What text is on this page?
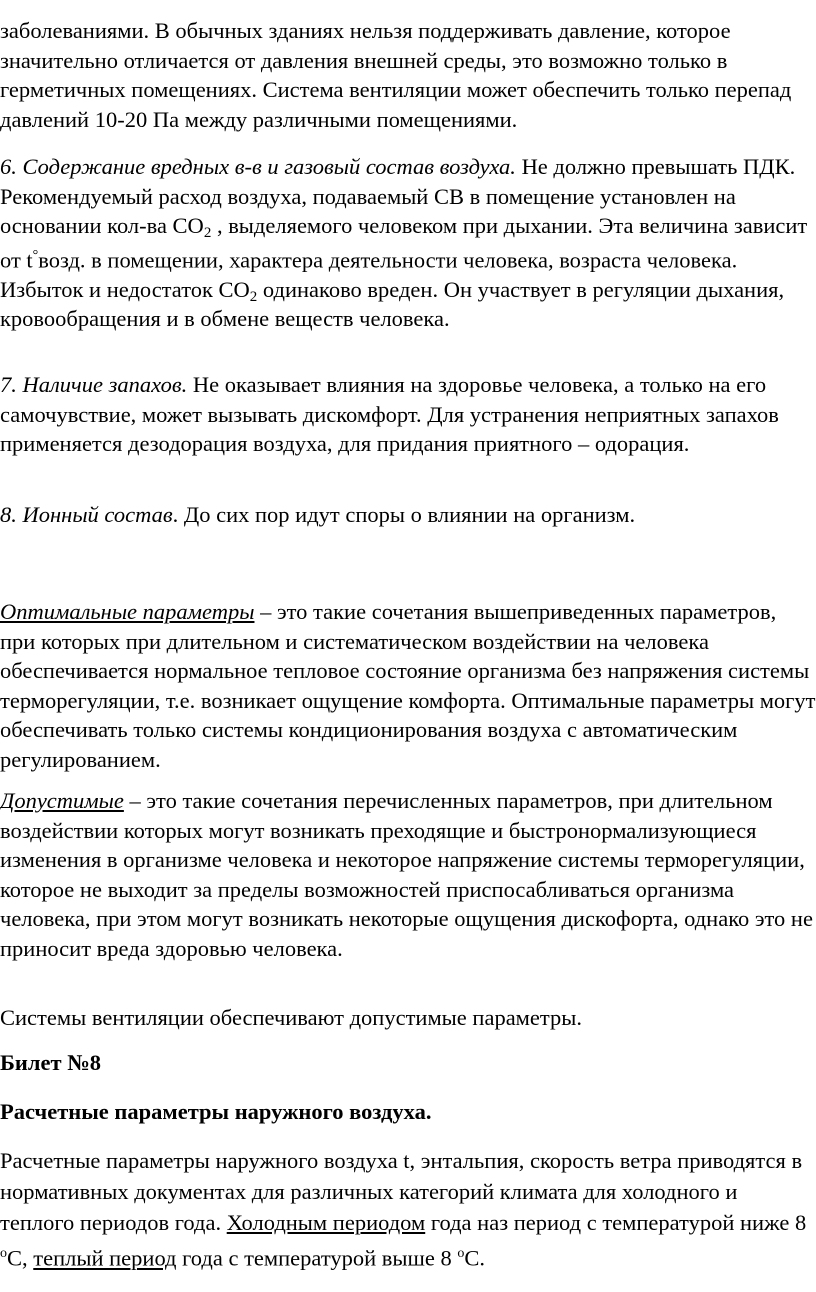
заболеваниями. В обычных зданиях нельзя поддерживать давление, которое значительно отличается от давления внешней среды, это возможно только в герметичных помещениях. Система вентиляции может обеспечить только перепад давлений 10-20 Па между различными помещениями.

6. Содержание вредных в-в и газовый состав воздуха. Не должно превышать ПДК. Рекомендуемый расход воздуха, подаваемый СВ в помещение установлен на основании кол-ва $СО_2$ , выделяемого человеком при дыхании. Эта величина зависит от t°возд. в помещении, характера деятельности человека, возраста человека. Избыток и недостаток $СО_2$ одинаково вреден. Он участвует в регуляции дыхания, кровообращения и в обмене веществ человека.

7. Наличие запахов. Не оказывает влияния на здоровье человека, а только на его самочувствие, может вызывать дискомфорт. Для устранения неприятных запахов применяется дезодорация воздуха, для придания приятного – одорация.

8. Ионный состав. До сих пор идут споры о влиянии на организм.

Оптимальные параметры – это такие сочетания вышеприведенных параметров, при которых при длительном и систематическом воздействии на человека обеспечивается нормальное тепловое состояние организма без напряжения системы терморегуляции, т.е. возникает ощущение комфорта. Оптимальные параметры могут обеспечивать только системы кондиционирования воздуха с автоматическим регулированием.

Допустимые – это такие сочетания перечисленных параметров, при длительном воздействии которых могут возникать преходящие и быстронормализующиеся изменения в организме человека и некоторое напряжение системы терморегуляции, которое не выходит за пределы возможностей приспосабливаться организма человека, при этом могут возникать некоторые ощущения дискофорта, однако это не приносит вреда здоровью человека.

Системы вентиляции обеспечивают допустимые параметры.

Билет №8

Расчетные параметры наружного воздуха.

Расчетные параметры наружного воздуха t, энтальпия, скорость ветра приводятся в нормативных документах для различных категорий климата для холодного и теплого периодов года. Холодным периодом года наз период с температурой ниже 8 $^о$С, теплый период года с температурой выше 8 $^о$С.
